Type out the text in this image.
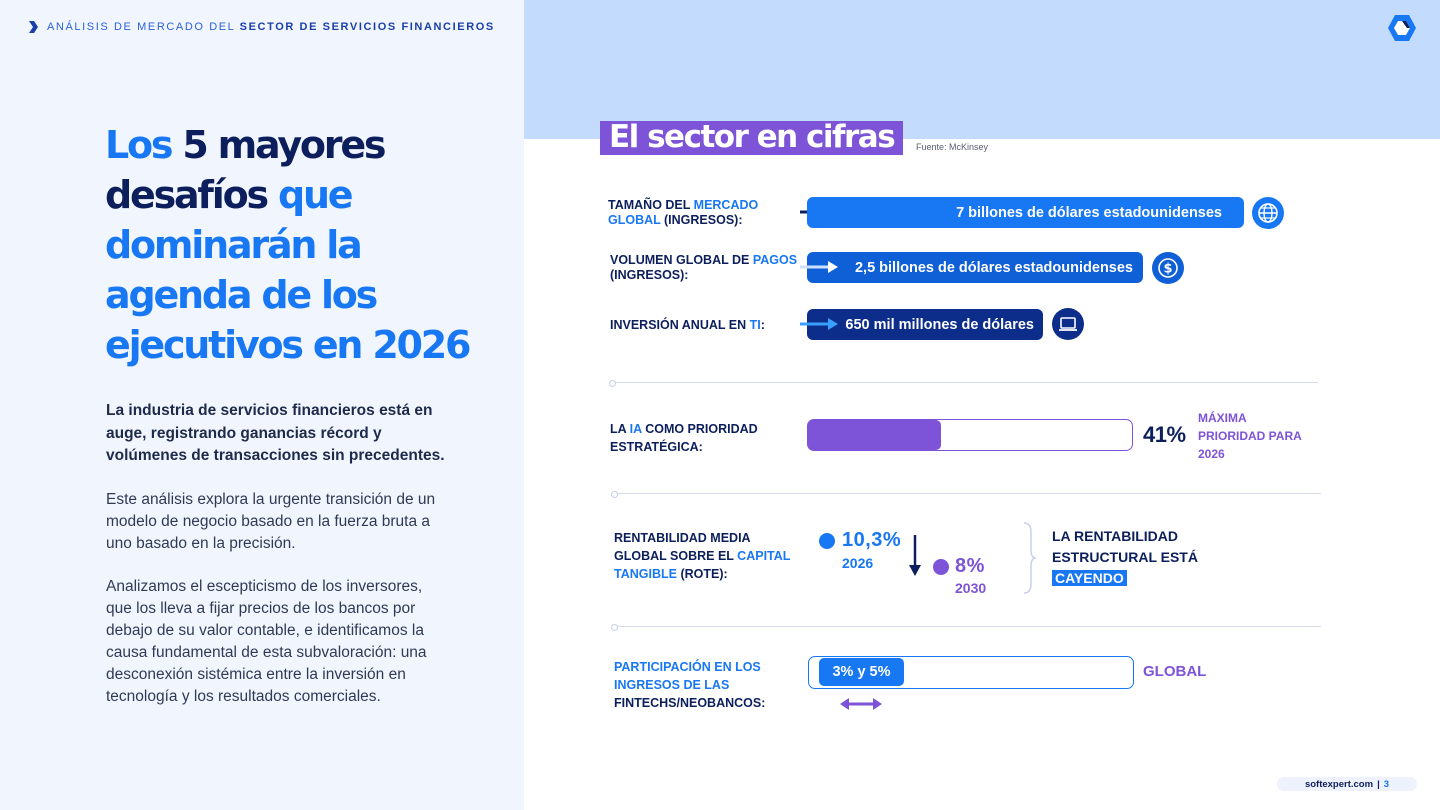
ANÁLISIS DE MERCADO DEL SECTOR DE SERVICIOS FINANCIEROS
Los 5 mayores desafíos que dominarán la agenda de los ejecutivos en 2026
La industria de servicios financieros está en auge, registrando ganancias récord y volúmenes de transacciones sin precedentes.
Este análisis explora la urgente transición de un modelo de negocio basado en la fuerza bruta a uno basado en la precisión.
Analizamos el escepticismo de los inversores, que los lleva a fijar precios de los bancos por debajo de su valor contable, e identificamos la causa fundamental de esta subvaloración: una desconexión sistémica entre la inversión en tecnología y los resultados comerciales.
El sector en cifras	Fuente: McKinsey
TAMAÑO DEL MERCADO GLOBAL (INGRESOS):	7 billones de dólares estadounidenses
VOLUMEN GLOBAL DE PAGOS (INGRESOS):	2,5 billones de dólares estadounidenses $
INVERSIÓN ANUAL EN TI:	650 mil millones de dólares
LA IA COMO PRIORIDAD ESTRATÉGICA:	41%
MÁXIMA PRIORIDAD PARA 2026
RENTABILIDAD MEDIA GLOBAL SOBRE EL CAPITAL TANGIBLE (ROTE):
10,3%
2026	8%
2030
LA RENTABILIDAD ESTRUCTURAL ESTÁ
CAYENDO
PARTICIPACIÓN EN LOS INGRESOS DE LAS FINTECHS/NEOBANCOS:
3% y 5%	GLOBAL
softexpert.com | 3
